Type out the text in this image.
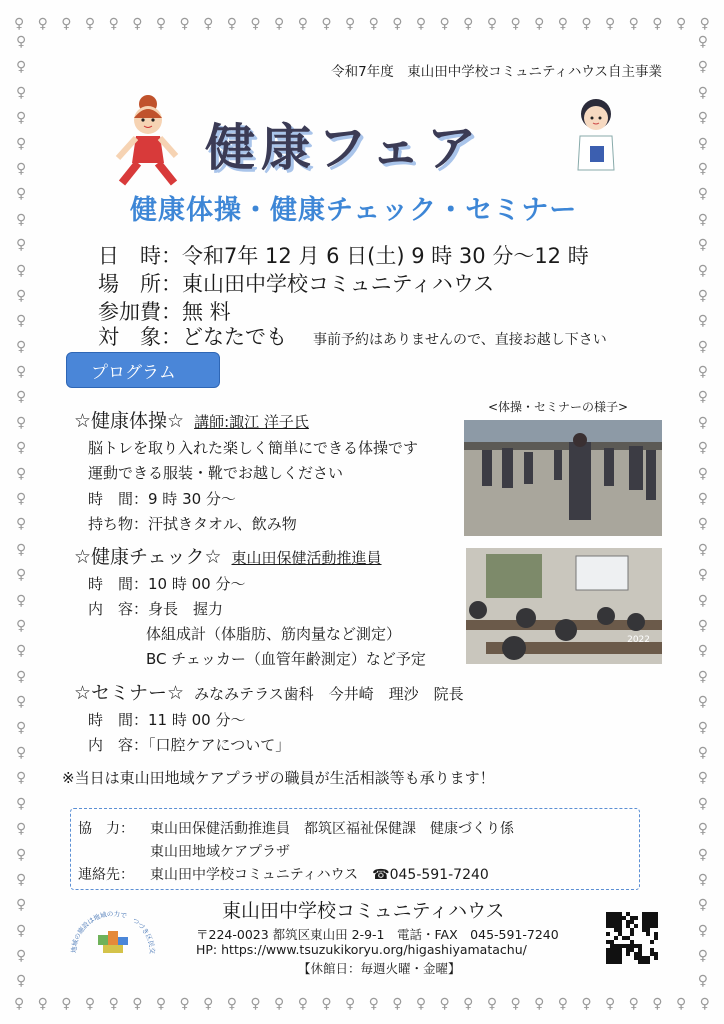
♀ ♀ ♀ ♀ ♀ ♀ ♀ ♀ ♀ ♀ ♀ ♀ ♀ ♀ ♀ ♀ ♀ ♀ ♀ ♀ ♀ ♀ ♀ ♀ ♀ ♀ ♀ ♀ ♀ ♀
♀ ♀ ♀ ♀ ♀ ♀ ♀ ♀ ♀ ♀ ♀ ♀ ♀ ♀ ♀ ♀ ♀ ♀ ♀ ♀ ♀ ♀ ♀ ♀ ♀ ♀ ♀ ♀ ♀ ♀
♀
♀
♀
♀
♀
♀
♀
♀
♀
♀
♀
♀
♀
♀
♀
♀
♀
♀
♀
♀
♀
♀
♀
♀
♀
♀
♀
♀
♀
♀
♀
♀
♀
♀
♀
♀
♀
♀
♀
♀
♀
♀
♀
♀
♀
♀
♀
♀
♀
♀
♀
♀
♀
♀
♀
♀
♀
♀
♀
♀
♀
♀
♀
♀
♀
♀
♀
♀
♀
♀
♀
♀
♀
♀
♀
♀
令和7年度　東山田中学校コミュニティハウス自主事業
健康フェア
健康体操・健康チェック・セミナー
日　時：令和7年 12 月 6 日(土) 9 時 30 分～12 時
場　所：東山田中学校コミュニティハウス
参加費：無 料
対　象：どなたでも 事前予約はありませんので、直接お越し下さい
プログラム
☆健康体操☆ 講師:諏江 洋子氏
脳トレを取り入れた楽しく簡単にできる体操です
運動できる服装・靴でお越しください
時　間：9 時 30 分～
持ち物：汗拭きタオル、飲み物
☆健康チェック☆ 東山田保健活動推進員
時　間：10 時 00 分～
内　容：身長　握力
体組成計（体脂肪、筋肉量など測定）
BC チェッカー（血管年齢測定）など予定
☆セミナー☆ みなみテラス歯科　今井崎　理沙　院長
時　間：11 時 00 分～
内　容：「口腔ケアについて」
<体操・セミナーの様子>
2022
※当日は東山田地域ケアプラザの職員が生活相談等も承ります！
協　力： 東山田保健活動推進員　都筑区福祉保健課　健康づくり係
東山田地域ケアプラザ
連絡先： 東山田中学校コミュニティハウス　☎045-591-7240
東山田中学校コミュニティハウス
〒224-0023 都筑区東山田 2-9-1　電話・FAX　045-591-7240
HP: https://www.tsuzukikoryu.org/higashiyamatachu/
【休館日：毎週火曜・金曜】
地域の施設は地域の力で　つづき区民交
